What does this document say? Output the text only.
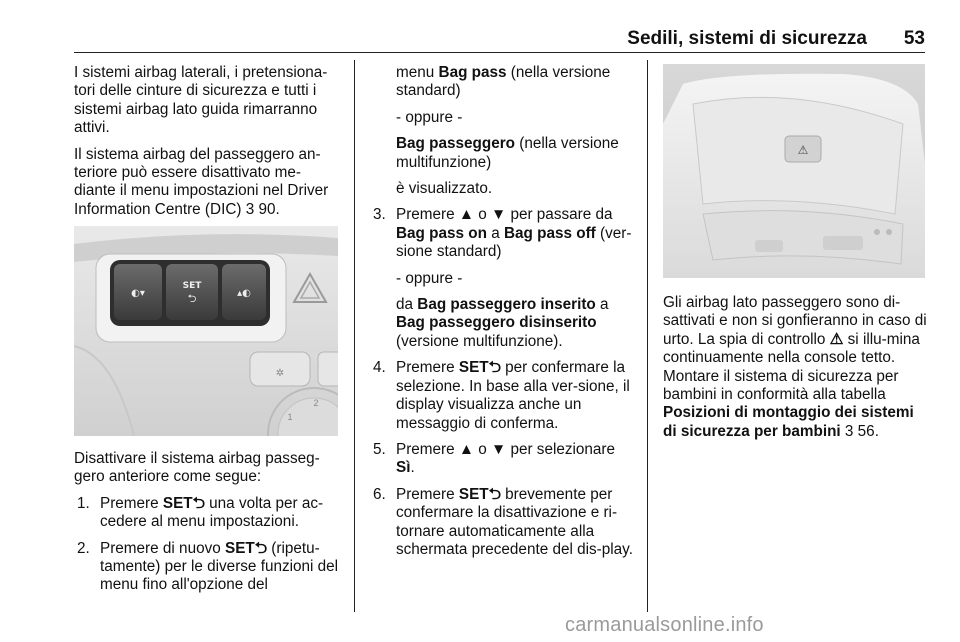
Sedili, sistemi di sicurezza 53

I sistemi airbag laterali, i pretensiona-tori delle cinture di sicurezza e tutti i sistemi airbag lato guida rimarranno attivi.

Il sistema airbag del passeggero an-teriore può essere disattivato me-diante il menu impostazioni nel Driver Information Centre (DIC) 3 90.

◐▾
SET
⮌	▴◐
✲
2
1

Disattivare il sistema airbag passeg-gero anteriore come segue:

1. Premere SET⮌ una volta per ac-cedere al menu impostazioni.
2. Premere di nuovo SET⮌ (ripetu-tamente) per le diverse funzioni del menu fino all'opzione del

menu Bag pass (nella versione standard)

- oppure -

Bag passeggero (nella versione multifunzione)

è visualizzato.

3. Premere ▲ o ▼ per passare da Bag pass on a Bag pass off (ver-sione standard)

- oppure -

da Bag passeggero inserito a Bag passeggero disinserito (versione multifunzione).

4. Premere SET⮌ per confermare la selezione. In base alla ver-sione, il display visualizza anche un messaggio di conferma.
5. Premere ▲ o ▼ per selezionare Sì.
6. Premere SET⮌ brevemente per confermare la disattivazione e ri-tornare automaticamente alla schermata precedente del dis-play.
⚠

Gli airbag lato passeggero sono di-sattivati e non si gonfieranno in caso di urto. La spia di controllo ⚠ si illu-mina continuamente nella console tetto. Montare il sistema di sicurezza per bambini in conformità alla tabella Posizioni di montaggio dei sistemi di sicurezza per bambini 3 56.

carmanualsonline.info
